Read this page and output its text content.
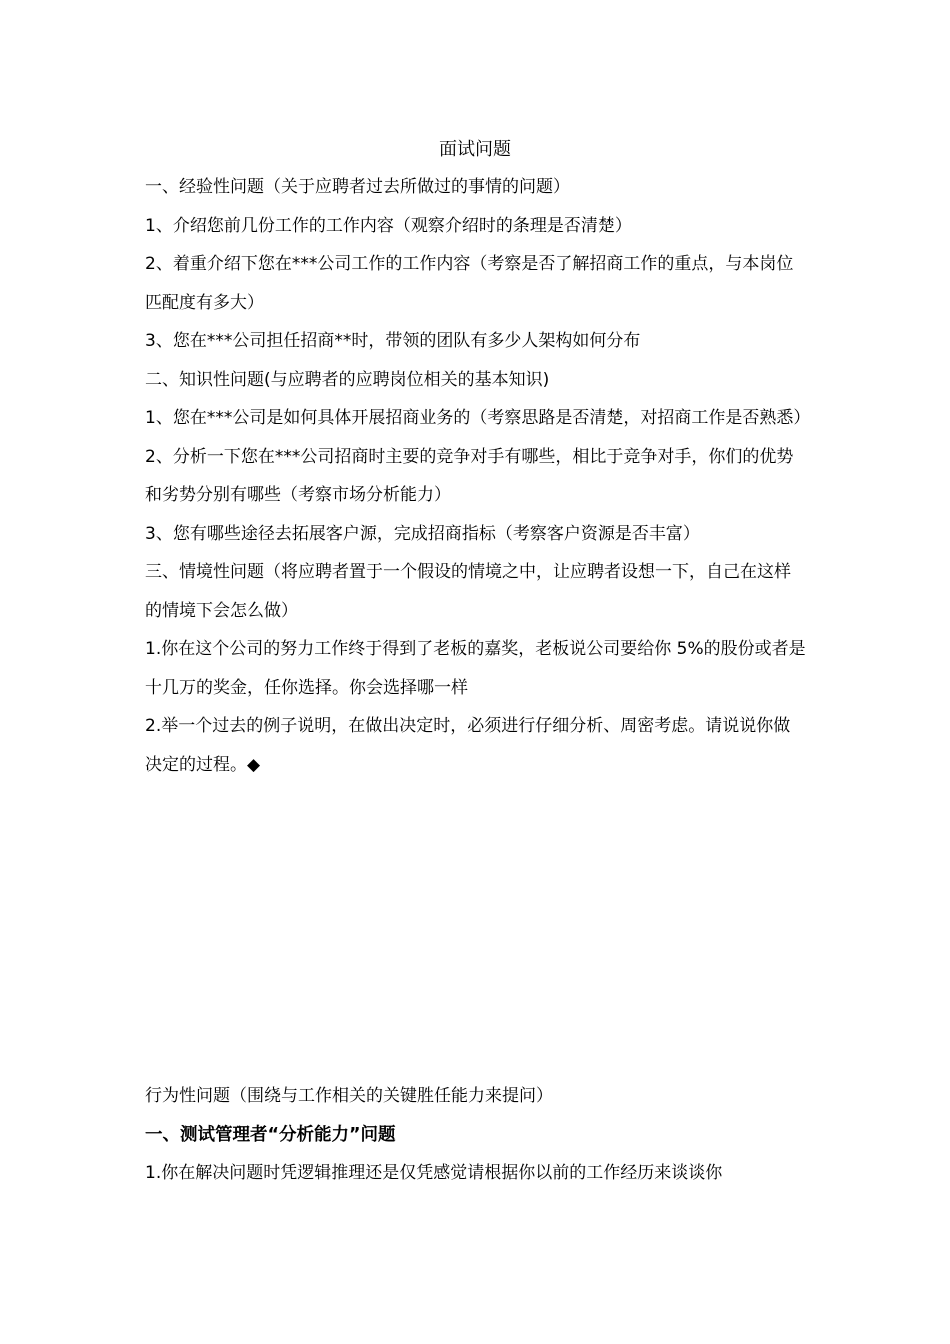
面试问题

一、经验性问题（关于应聘者过去所做过的事情的问题）

1、介绍您前几份工作的工作内容（观察介绍时的条理是否清楚）

2、着重介绍下您在***公司工作的工作内容（考察是否了解招商工作的重点，与本岗位匹配度有多大）

3、您在***公司担任招商**时，带领的团队有多少人架构如何分布

二、知识性问题(与应聘者的应聘岗位相关的基本知识)

1、您在***公司是如何具体开展招商业务的（考察思路是否清楚，对招商工作是否熟悉）

2、分析一下您在***公司招商时主要的竞争对手有哪些，相比于竞争对手，你们的优势和劣势分别有哪些（考察市场分析能力）

3、您有哪些途径去拓展客户源，完成招商指标（考察客户资源是否丰富）

三、情境性问题（将应聘者置于一个假设的情境之中，让应聘者设想一下，自己在这样的情境下会怎么做）

1.你在这个公司的努力工作终于得到了老板的嘉奖，老板说公司要给你 5%的股份或者是十几万的奖金，任你选择。你会选择哪一样

2.举一个过去的例子说明，在做出决定时，必须进行仔细分析、周密考虑。请说说你做决定的过程。◆

行为性问题（围绕与工作相关的关键胜任能力来提问）

一、测试管理者“分析能力”问题

1.你在解决问题时凭逻辑推理还是仅凭感觉请根据你以前的工作经历来谈谈你
